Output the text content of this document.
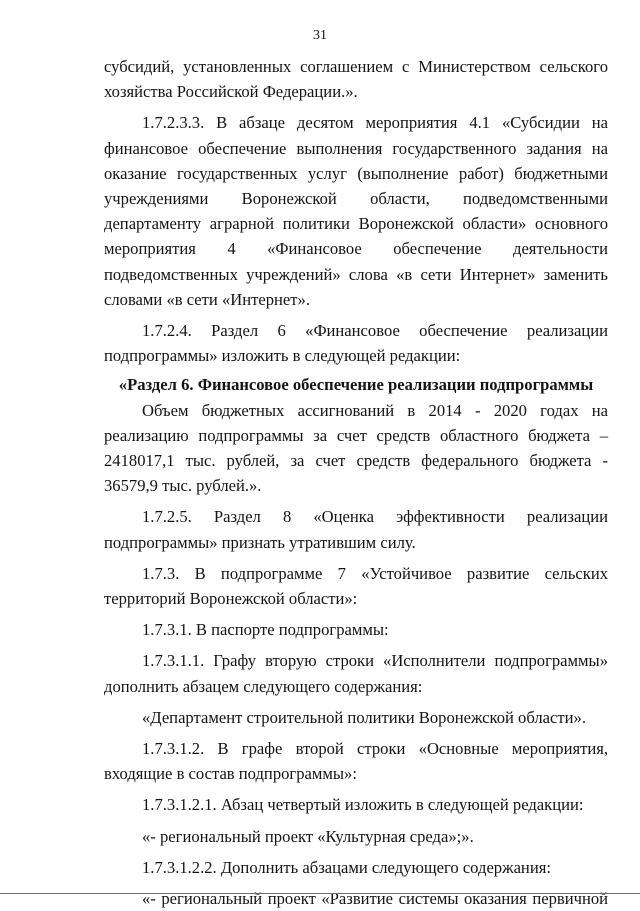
31

субсидий, установленных соглашением с Министерством сельского хозяйства Российской Федерации.».

1.7.2.3.3. В абзаце десятом мероприятия 4.1 «Субсидии на финансовое обеспечение выполнения государственного задания на оказание государственных услуг (выполнение работ) бюджетными учреждениями Воронежской области, подведомственными департаменту аграрной политики Воронежской области» основного мероприятия 4 «Финансовое обеспечение деятельности подведомственных учреждений» слова «в сети Интернет» заменить словами «в сети «Интернет».

1.7.2.4. Раздел 6 «Финансовое обеспечение реализации подпрограммы» изложить в следующей редакции:

«Раздел 6. Финансовое обеспечение реализации подпрограммы

Объем бюджетных ассигнований в 2014 - 2020 годах на реализацию подпрограммы за счет средств областного бюджета – 2418017,1 тыс. рублей, за счет средств федерального бюджета - 36579,9 тыс. рублей.».

1.7.2.5. Раздел 8 «Оценка эффективности реализации подпрограммы» признать утратившим силу.

1.7.3. В подпрограмме 7 «Устойчивое развитие сельских территорий Воронежской области»:

1.7.3.1. В паспорте подпрограммы:

1.7.3.1.1. Графу вторую строки «Исполнители подпрограммы» дополнить абзацем следующего содержания:

«Департамент строительной политики Воронежской области».

1.7.3.1.2. В графе второй строки «Основные мероприятия, входящие в состав подпрограммы»:

1.7.3.1.2.1. Абзац четвертый изложить в следующей редакции:

«- региональный проект «Культурная среда»;».

1.7.3.1.2.2. Дополнить абзацами следующего содержания:

«- региональный проект «Развитие системы оказания первичной
